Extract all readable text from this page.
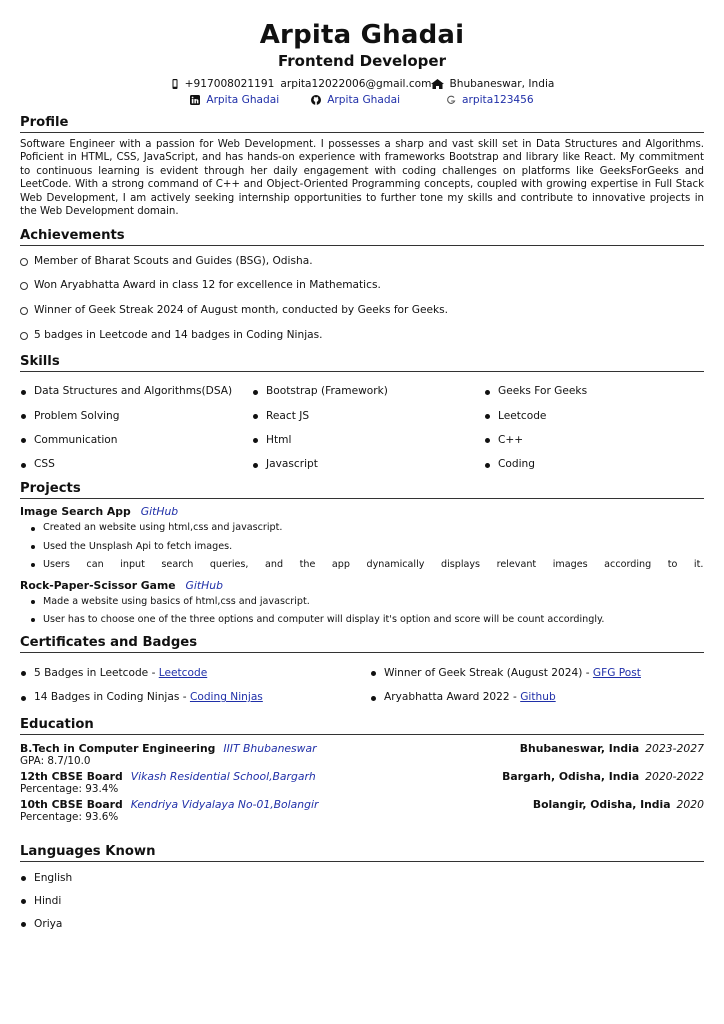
Arpita Ghadai
Frontend Developer
+917008021191 arpita12022006@gmail.com Bhubaneswar, India
Arpita Ghadai	Arpita Ghadai	arpita123456
Profile

Software Engineer with a passion for Web Development. I possesses a sharp and vast skill set in Data Structures and Algorithms. Poficient in HTML, CSS, JavaScript, and has hands-on experience with frameworks Bootstrap and library like React. My commitment to continuous learning is evident through her daily engagement with coding challenges on platforms like GeeksForGeeks and LeetCode. With a strong command of C++ and Object-Oriented Programming concepts, coupled with growing expertise in Full Stack Web Development, I am actively seeking internship opportunities to further tone my skills and contribute to innovative projects in the Web Development domain.

Achievements
Member of Bharat Scouts and Guides (BSG), Odisha.
Won Aryabhatta Award in class 12 for excellence in Mathematics.
Winner of Geek Streak 2024 of August month, conducted by Geeks for Geeks.
5 badges in Leetcode and 14 badges in Coding Ninjas.
Skills
Data Structures and Algorithms(DSA)	Bootstrap (Framework)	Geeks For Geeks
Problem Solving	React JS	Leetcode
Communication	Html	C++
CSS	Javascript	Coding
Projects
Image Search App GitHub
Created an website using html,css and javascript.
Used the Unsplash Api to fetch images.
Users can input search queries, and the app dynamically displays relevant images according to it.
Rock-Paper-Scissor Game GitHub
Made a website using basics of html,css and javascript.
User has to choose one of the three options and computer will display it's option and score will be count accordingly.
Certificates and Badges
5 Badges in Leetcode - Leetcode	Winner of Geek Streak (August 2024) - GFG Post
14 Badges in Coding Ninjas - Coding Ninjas	Aryabhatta Award 2022 - Github
Education
B.Tech in Computer Engineering IIIT Bhubaneswar	Bhubaneswar, India 2023-2027
GPA: 8.7/10.0
12th CBSE Board Vikash Residential School,Bargarh	Bargarh, Odisha, India 2020-2022
Percentage: 93.4%
10th CBSE Board Kendriya Vidyalaya No-01,Bolangir	Bolangir, Odisha, India 2020
Percentage: 93.6%
Languages Known
English
Hindi
Oriya
